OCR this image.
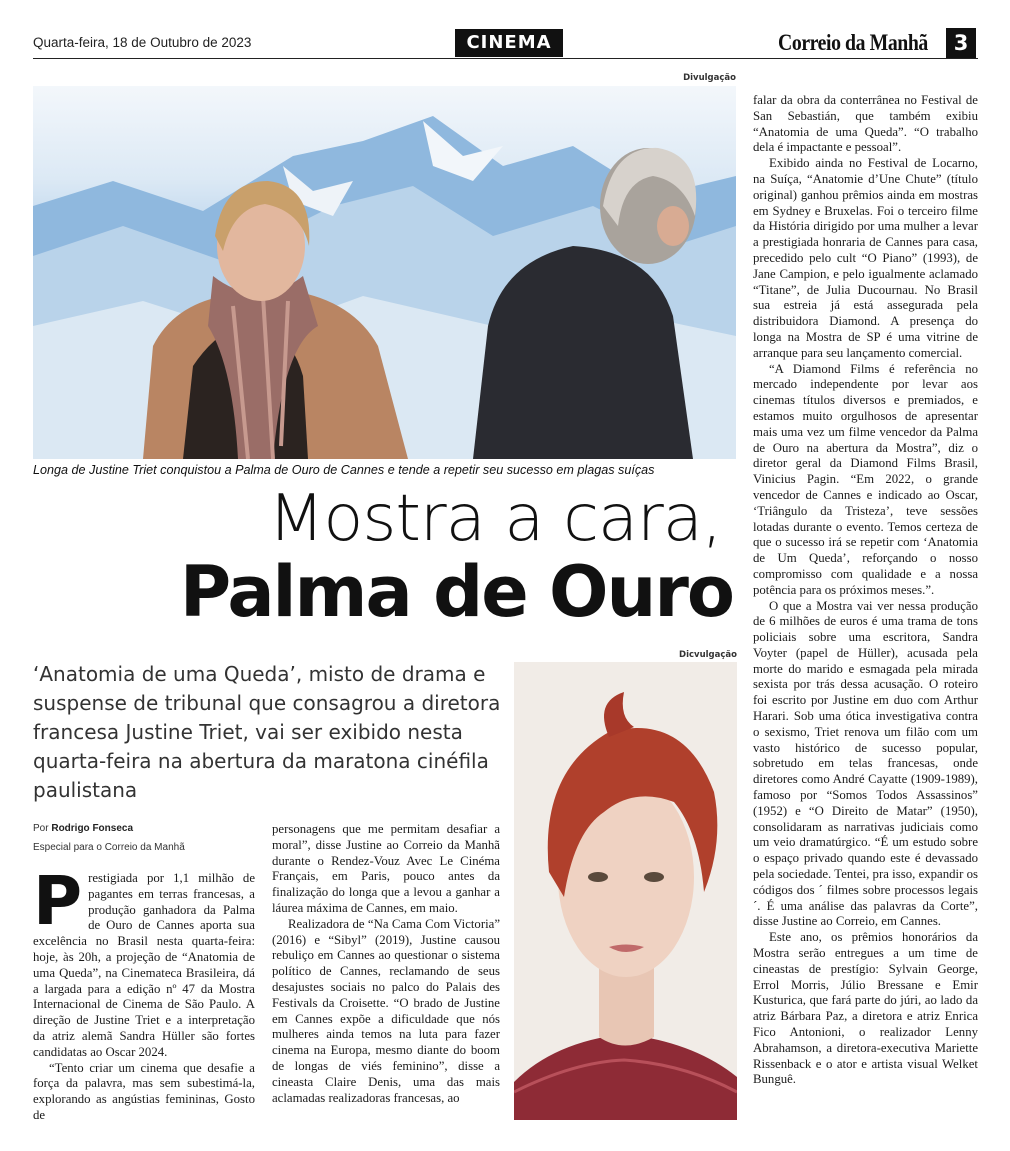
Quarta-feira, 18 de Outubro de 2023	CINEMA	Correio da Manhã	3
Divulgação
Longa de Justine Triet conquistou a Palma de Ouro de Cannes e tende a repetir seu sucesso em plagas suíças
Mostra a cara,
Palma de Ouro
‘Anatomia de uma Queda’, misto de drama e suspense de tribunal que consagrou a diretora francesa Justine Triet, vai ser exibido nesta quarta-feira na abertura da maratona cinéfila paulistana
Por Rodrigo Fonseca
Especial para o Correio da Manhã
P restigiada por 1,1 milhão de pagantes em terras francesas, a produção ganhadora da Palma de Ouro de Cannes aporta sua excelência no Brasil nesta quarta-feira: hoje, às 20h, a projeção de “Anatomia de uma Queda”, na Cinemateca Brasileira, dá a largada para a edição nº 47 da Mostra Internacional de Cinema de São Paulo. A direção de Justine Triet e a interpretação da atriz alemã Sandra Hüller são fortes candidatas ao Oscar 2024.

“Tento criar um cinema que desafie a força da palavra, mas sem subestimá-la, explorando as angústias femininas, Gosto de

personagens que me permitam desafiar a moral”, disse Justine ao Correio da Manhã durante o Rendez-Vouz Avec Le Cinéma Français, em Paris, pouco antes da finalização do longa que a levou a ganhar a láurea máxima de Cannes, em maio.

Realizadora de “Na Cama Com Victoria” (2016) e “Sibyl” (2019), Justine causou rebuliço em Cannes ao questionar o sistema político de Cannes, reclamando de seus desajustes sociais no palco do Palais des Festivals da Croisette. “O brado de Justine em Cannes expõe a dificuldade que nós mulheres ainda temos na luta para fazer cinema na Europa, mesmo diante do boom de longas de viés feminino”, disse a cineasta Claire Denis, uma das mais aclamadas realizadoras francesas, ao

Dicvulgação

falar da obra da conterrânea no Festival de San Sebastián, que também exibiu “Anatomia de uma Queda”. “O trabalho dela é impactante e pessoal”.

Exibido ainda no Festival de Locarno, na Suíça, “Anatomie d’Une Chute” (título original) ganhou prêmios ainda em mostras em Sydney e Bruxelas. Foi o terceiro filme da História dirigido por uma mulher a levar a prestigiada honraria de Cannes para casa, precedido pelo cult “O Piano” (1993), de Jane Campion, e pelo igualmente aclamado “Titane”, de Julia Ducournau. No Brasil sua estreia já está assegurada pela distribuidora Diamond. A presença do longa na Mostra de SP é uma vitrine de arranque para seu lançamento comercial.

“A Diamond Films é referência no mercado independente por levar aos cinemas títulos diversos e premiados, e estamos muito orgulhosos de apresentar mais uma vez um filme vencedor da Palma de Ouro na abertura da Mostra”, diz o diretor geral da Diamond Films Brasil, Vinicius Pagin. “Em 2022, o grande vencedor de Cannes e indicado ao Oscar, ‘Triângulo da Tristeza’, teve sessões lotadas durante o evento. Temos certeza de que o sucesso irá se repetir com ‘Anatomia de Um Queda’, reforçando o nosso compromisso com qualidade e a nossa potência para os próximos meses.”.

O que a Mostra vai ver nessa produção de 6 milhões de euros é uma trama de tons policiais sobre uma escritora, Sandra Voyter (papel de Hüller), acusada pela morte do marido e esmagada pela mirada sexista por trás dessa acusação. O roteiro foi escrito por Justine em duo com Arthur Harari. Sob uma ótica investigativa contra o sexismo, Triet renova um filão com um vasto histórico de sucesso popular, sobretudo em telas francesas, onde diretores como André Cayatte (1909-1989), famoso por “Somos Todos Assassinos” (1952) e “O Direito de Matar” (1950), consolidaram as narrativas judiciais como um veio dramatúrgico. “É um estudo sobre o espaço privado quando este é devassado pela sociedade. Tentei, pra isso, expandir os códigos dos ´ filmes sobre processos legais´. É uma análise das palavras da Corte”, disse Justine ao Correio, em Cannes.

Este ano, os prêmios honorários da Mostra serão entregues a um time de cineastas de prestígio: Sylvain George, Errol Morris, Júlio Bressane e Emir Kusturica, que fará parte do júri, ao lado da atriz Bárbara Paz, a diretora e atriz Enrica Fico Antonioni, o realizador Lenny Abrahamson, a diretora-executiva Mariette Rissenback e o ator e artista visual Welket Bunguê.
